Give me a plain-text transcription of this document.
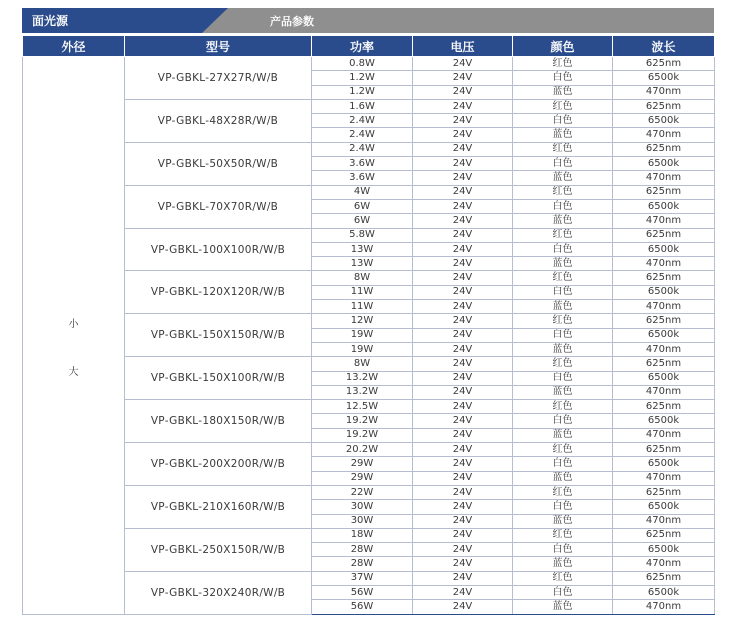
面光源	产品参数
外径	型号	功率	电压	颜色	波长

小
大	VP-GBKL-27X27R/W/B	0.8W	24V	红色	625nm
		1.2W	24V	白色	6500k
		1.2W	24V	蓝色	470nm
	VP-GBKL-48X28R/W/B	1.6W	24V	红色	625nm
		2.4W	24V	白色	6500k
		2.4W	24V	蓝色	470nm
	VP-GBKL-50X50R/W/B	2.4W	24V	红色	625nm
		3.6W	24V	白色	6500k
		3.6W	24V	蓝色	470nm
	VP-GBKL-70X70R/W/B	4W	24V	红色	625nm
		6W	24V	白色	6500k
		6W	24V	蓝色	470nm
	VP-GBKL-100X100R/W/B	5.8W	24V	红色	625nm
		13W	24V	白色	6500k
		13W	24V	蓝色	470nm
	VP-GBKL-120X120R/W/B	8W	24V	红色	625nm
		11W	24V	白色	6500k
		11W	24V	蓝色	470nm
	VP-GBKL-150X150R/W/B	12W	24V	红色	625nm
		19W	24V	白色	6500k
		19W	24V	蓝色	470nm
	VP-GBKL-150X100R/W/B	8W	24V	红色	625nm
		13.2W	24V	白色	6500k
		13.2W	24V	蓝色	470nm
	VP-GBKL-180X150R/W/B	12.5W	24V	红色	625nm
		19.2W	24V	白色	6500k
		19.2W	24V	蓝色	470nm
	VP-GBKL-200X200R/W/B	20.2W	24V	红色	625nm
		29W	24V	白色	6500k
		29W	24V	蓝色	470nm
	VP-GBKL-210X160R/W/B	22W	24V	红色	625nm
		30W	24V	白色	6500k
		30W	24V	蓝色	470nm
	VP-GBKL-250X150R/W/B	18W	24V	红色	625nm
		28W	24V	白色	6500k
		28W	24V	蓝色	470nm
	VP-GBKL-320X240R/W/B	37W	24V	红色	625nm
		56W	24V	白色	6500k
		56W	24V	蓝色	470nm
